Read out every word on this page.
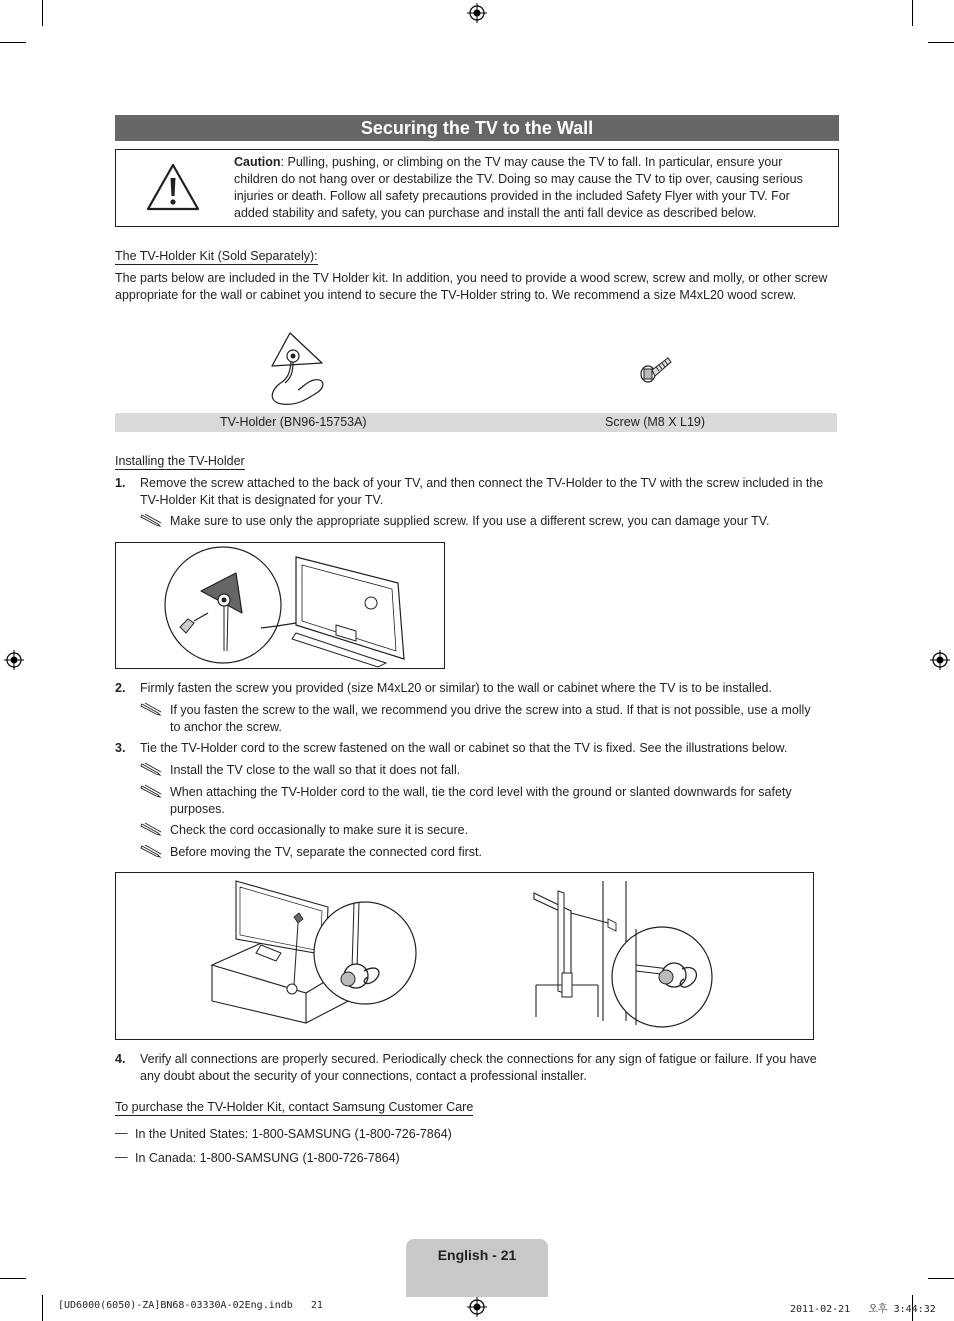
Securing the TV to the Wall
Caution: Pulling, pushing, or climbing on the TV may cause the TV to fall. In particular, ensure your children do not hang over or destabilize the TV. Doing so may cause the TV to tip over, causing serious injuries or death. Follow all safety precautions provided in the included Safety Flyer with your TV. For added stability and safety, you can purchase and install the anti fall device as described below.
The TV-Holder Kit (Sold Separately):
The parts below are included in the TV Holder kit. In addition, you need to provide a wood screw, screw and molly, or other screw appropriate for the wall or cabinet you intend to secure the TV-Holder string to. We recommend a size M4xL20 wood screw.
TV-Holder (BN96-15753A)	Screw (M8 X L19)
Installing the TV-Holder
1. Remove the screw attached to the back of your TV, and then connect the TV-Holder to the TV with the screw included in the TV-Holder Kit that is designated for your TV.
Make sure to use only the appropriate supplied screw. If you use a different screw, you can damage your TV.
2. Firmly fasten the screw you provided (size M4xL20 or similar) to the wall or cabinet where the TV is to be installed.
If you fasten the screw to the wall, we recommend you drive the screw into a stud. If that is not possible, use a molly to anchor the screw.
3. Tie the TV-Holder cord to the screw fastened on the wall or cabinet so that the TV is fixed. See the illustrations below.
Install the TV close to the wall so that it does not fall.
When attaching the TV-Holder cord to the wall, tie the cord level with the ground or slanted downwards for safety purposes.
Check the cord occasionally to make sure it is secure.
Before moving the TV, separate the connected cord first.
4. Verify all connections are properly secured. Periodically check the connections for any sign of fatigue or failure. If you have any doubt about the security of your connections, contact a professional installer.
To purchase the TV-Holder Kit, contact Samsung Customer Care
— In the United States: 1-800-SAMSUNG (1-800-726-7864)
— In Canada: 1-800-SAMSUNG (1-800-726-7864)
English - 21
[UD6000(6050)-ZA]BN68-03330A-02Eng.indb   21	2011-02-21   오후 3:44:32
